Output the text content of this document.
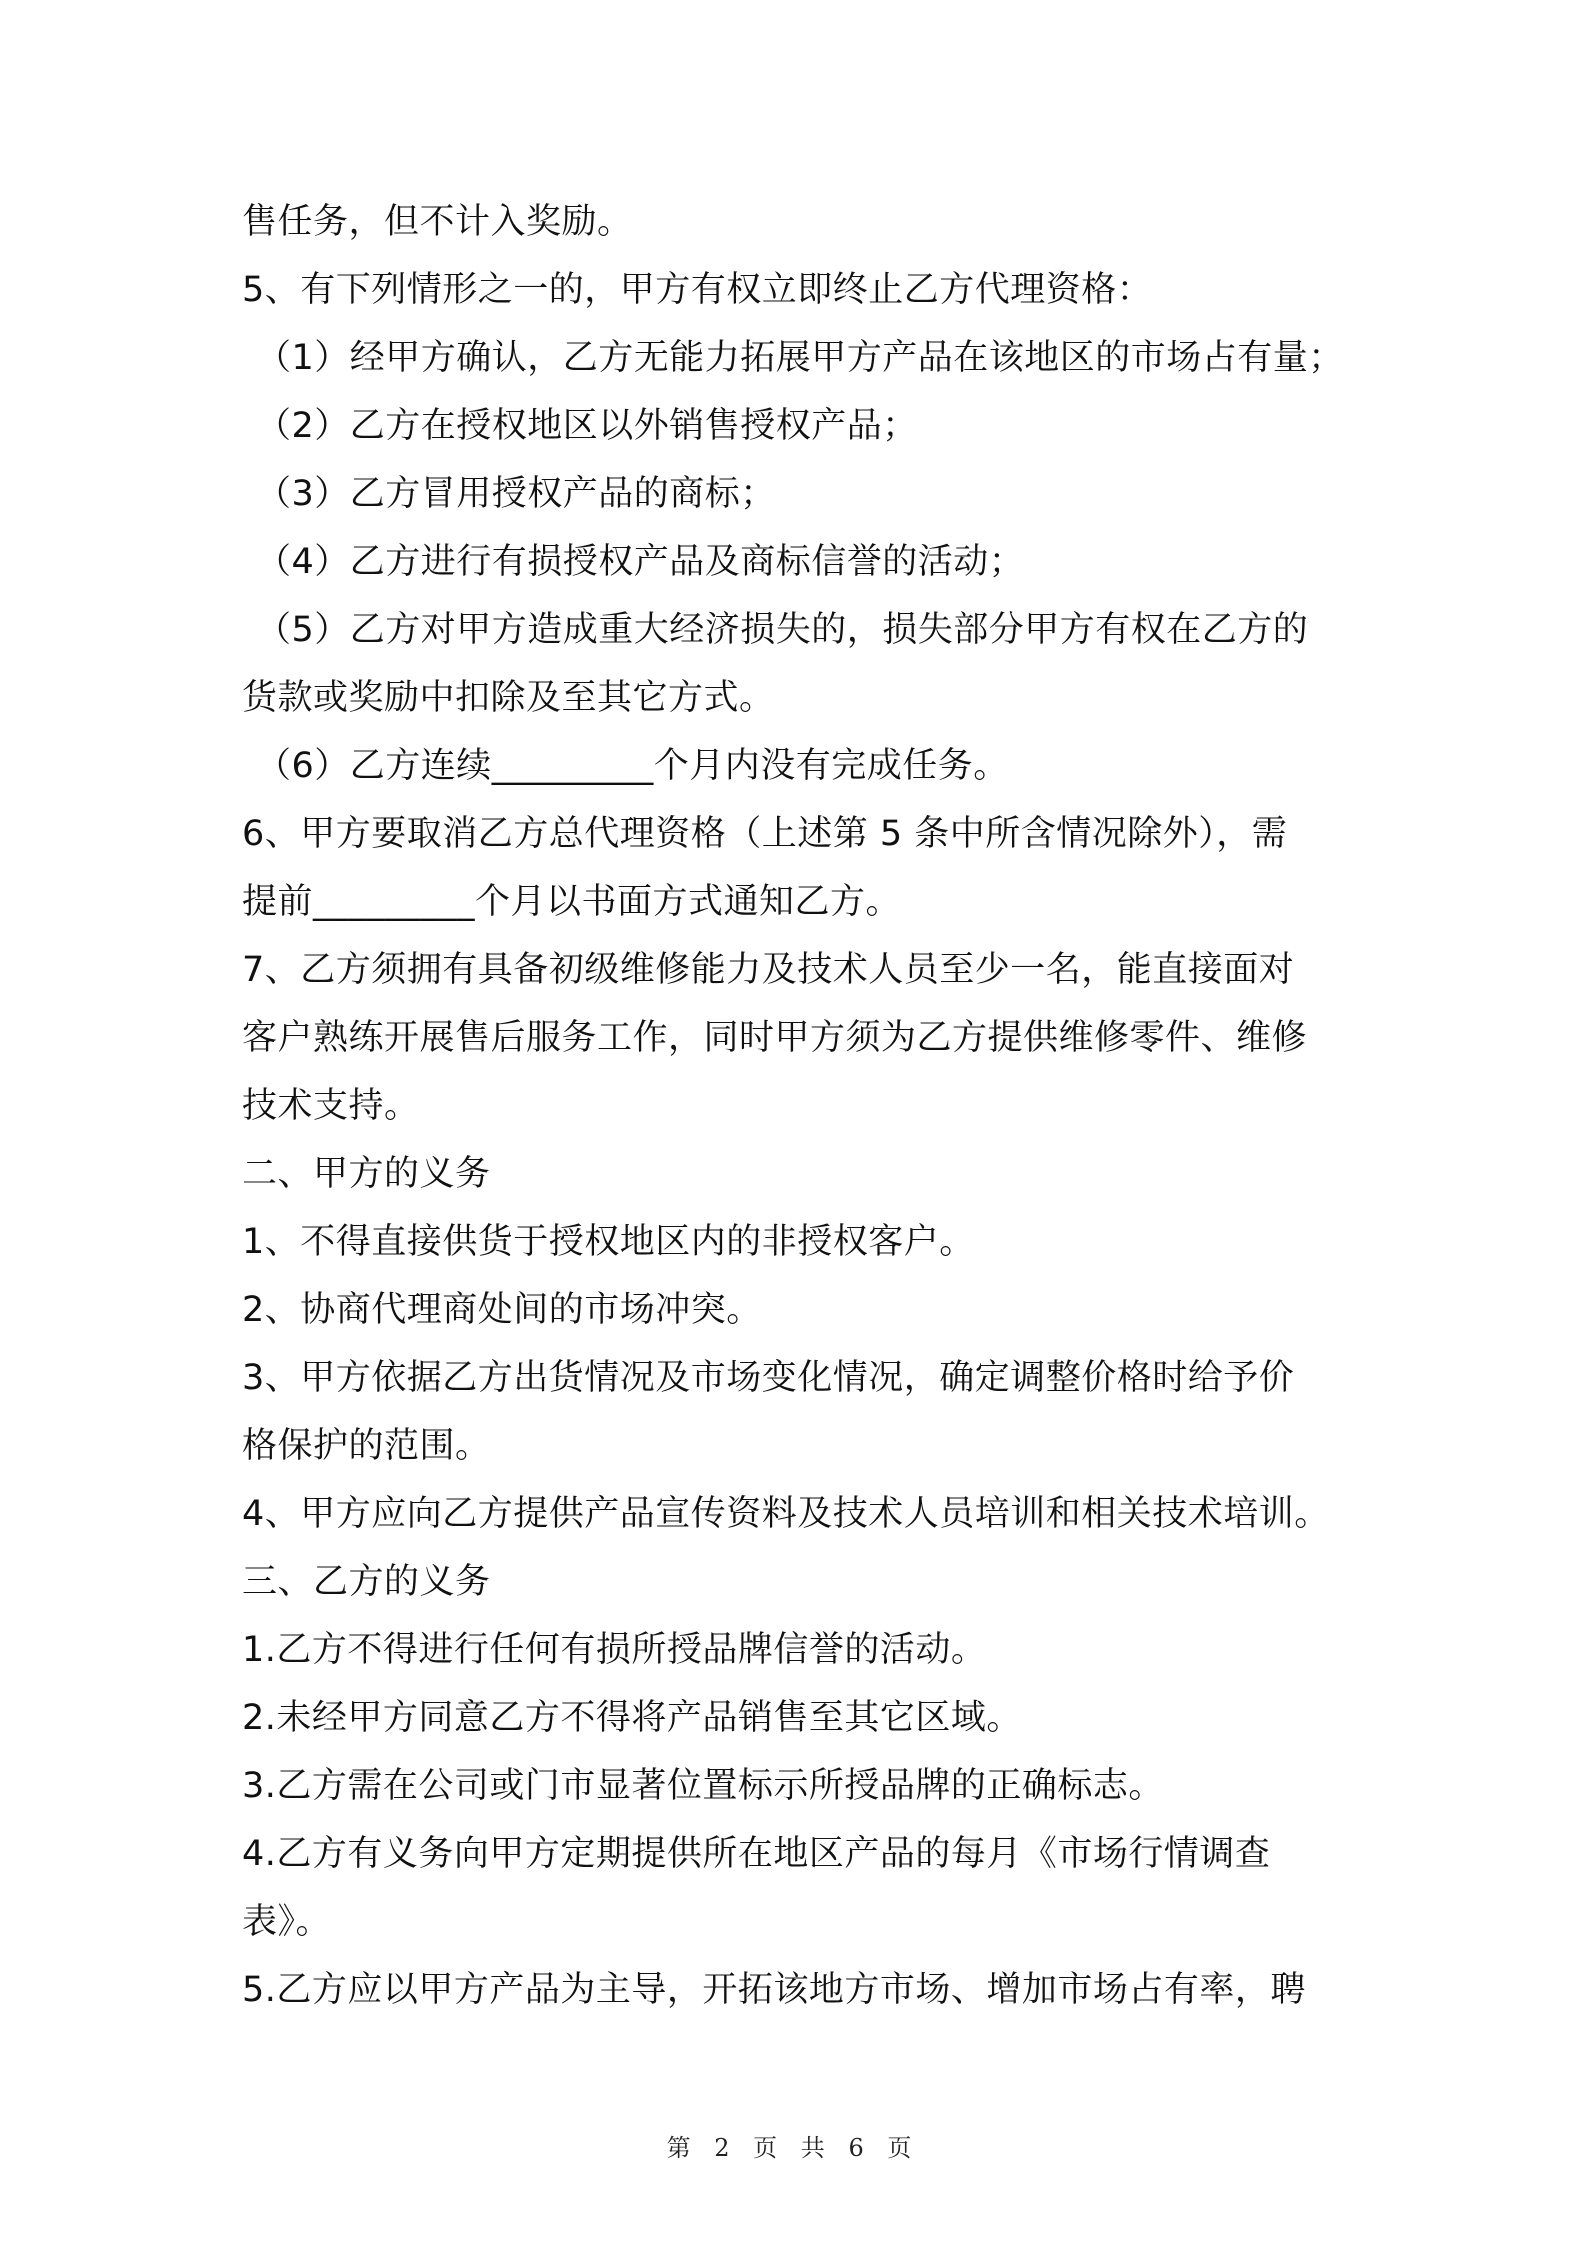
售任务，但不计入奖励。
5、有下列情形之一的，甲方有权立即终止乙方代理资格：
（1）经甲方确认，乙方无能力拓展甲方产品在该地区的市场占有量；
（2）乙方在授权地区以外销售授权产品；
（3）乙方冒用授权产品的商标；
（4）乙方进行有损授权产品及商标信誉的活动；
（5）乙方对甲方造成重大经济损失的，损失部分甲方有权在乙方的
货款或奖励中扣除及至其它方式。
（6）乙方连续_________个月内没有完成任务。
6、甲方要取消乙方总代理资格（上述第 5 条中所含情况除外），需
提前_________个月以书面方式通知乙方。
7、乙方须拥有具备初级维修能力及技术人员至少一名，能直接面对
客户熟练开展售后服务工作，同时甲方须为乙方提供维修零件、维修
技术支持。
二、甲方的义务
1、不得直接供货于授权地区内的非授权客户。
2、协商代理商处间的市场冲突。
3、甲方依据乙方出货情况及市场变化情况，确定调整价格时给予价
格保护的范围。
4、甲方应向乙方提供产品宣传资料及技术人员培训和相关技术培训。
三、乙方的义务
1.乙方不得进行任何有损所授品牌信誉的活动。
2.未经甲方同意乙方不得将产品销售至其它区域。
3.乙方需在公司或门市显著位置标示所授品牌的正确标志。
4.乙方有义务向甲方定期提供所在地区产品的每月《市场行情调查
表》。
5.乙方应以甲方产品为主导，开拓该地方市场、增加市场占有率，聘
第 2 页 共 6 页
